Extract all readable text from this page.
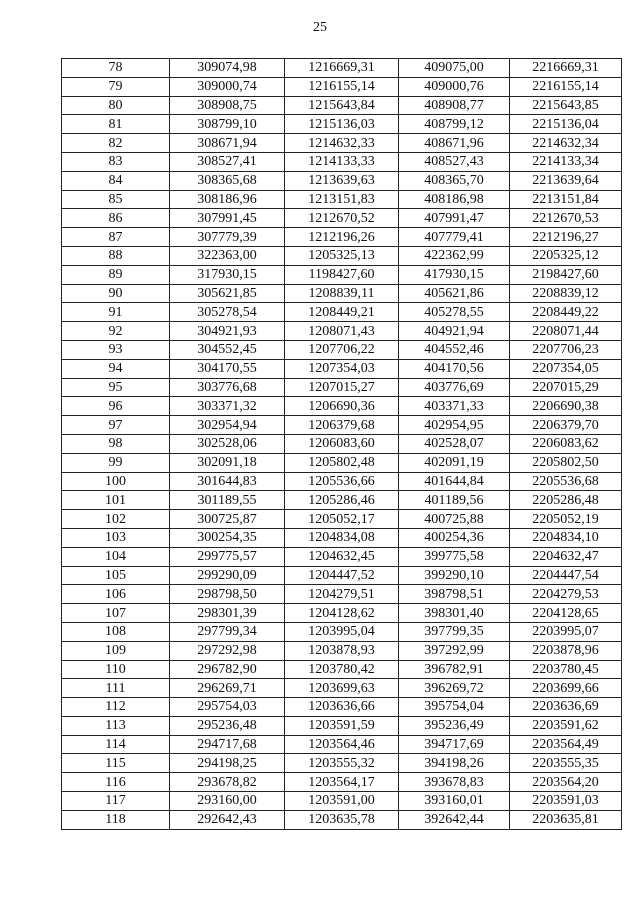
25
78	309074,98	1216669,31	409075,00	2216669,31
79	309000,74	1216155,14	409000,76	2216155,14
80	308908,75	1215643,84	408908,77	2215643,85
81	308799,10	1215136,03	408799,12	2215136,04
82	308671,94	1214632,33	408671,96	2214632,34
83	308527,41	1214133,33	408527,43	2214133,34
84	308365,68	1213639,63	408365,70	2213639,64
85	308186,96	1213151,83	408186,98	2213151,84
86	307991,45	1212670,52	407991,47	2212670,53
87	307779,39	1212196,26	407779,41	2212196,27
88	322363,00	1205325,13	422362,99	2205325,12
89	317930,15	1198427,60	417930,15	2198427,60
90	305621,85	1208839,11	405621,86	2208839,12
91	305278,54	1208449,21	405278,55	2208449,22
92	304921,93	1208071,43	404921,94	2208071,44
93	304552,45	1207706,22	404552,46	2207706,23
94	304170,55	1207354,03	404170,56	2207354,05
95	303776,68	1207015,27	403776,69	2207015,29
96	303371,32	1206690,36	403371,33	2206690,38
97	302954,94	1206379,68	402954,95	2206379,70
98	302528,06	1206083,60	402528,07	2206083,62
99	302091,18	1205802,48	402091,19	2205802,50
100	301644,83	1205536,66	401644,84	2205536,68
101	301189,55	1205286,46	401189,56	2205286,48
102	300725,87	1205052,17	400725,88	2205052,19
103	300254,35	1204834,08	400254,36	2204834,10
104	299775,57	1204632,45	399775,58	2204632,47
105	299290,09	1204447,52	399290,10	2204447,54
106	298798,50	1204279,51	398798,51	2204279,53
107	298301,39	1204128,62	398301,40	2204128,65
108	297799,34	1203995,04	397799,35	2203995,07
109	297292,98	1203878,93	397292,99	2203878,96
110	296782,90	1203780,42	396782,91	2203780,45
111	296269,71	1203699,63	396269,72	2203699,66
112	295754,03	1203636,66	395754,04	2203636,69
113	295236,48	1203591,59	395236,49	2203591,62
114	294717,68	1203564,46	394717,69	2203564,49
115	294198,25	1203555,32	394198,26	2203555,35
116	293678,82	1203564,17	393678,83	2203564,20
117	293160,00	1203591,00	393160,01	2203591,03
118	292642,43	1203635,78	392642,44	2203635,81
